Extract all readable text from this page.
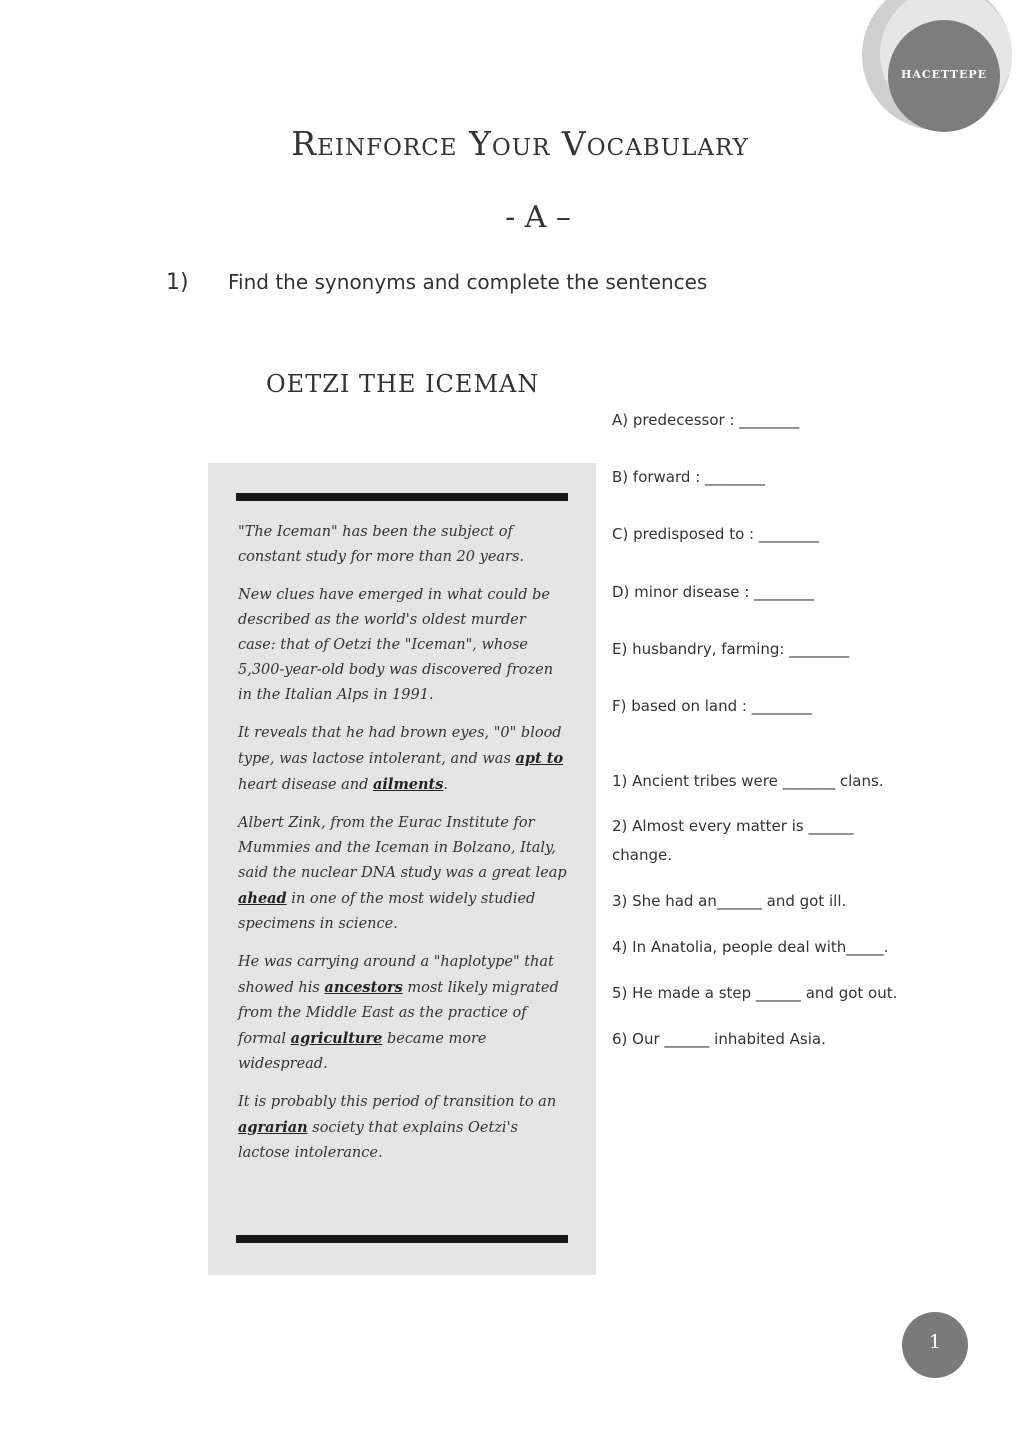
HACETTEPE
Reinforce Your Vocabulary
- A –
1) Find the synonyms and complete the sentences
OETZI THE ICEMAN

"The Iceman" has been the subject of constant study for more than 20 years.

New clues have emerged in what could be described as the world's oldest murder case: that of Oetzi the "Iceman", whose 5,300-year-old body was discovered frozen in the Italian Alps in 1991.

It reveals that he had brown eyes, "0" blood type, was lactose intolerant, and was apt to heart disease and ailments.

Albert Zink, from the Eurac Institute for Mummies and the Iceman in Bolzano, Italy, said the nuclear DNA study was a great leap ahead in one of the most widely studied specimens in science.

He was carrying around a "haplotype" that showed his ancestors most likely migrated from the Middle East as the practice of formal agriculture became more widespread.

It is probably this period of transition to an agrarian society that explains Oetzi's lactose intolerance.

A) predecessor : ________
B) forward : ________
C) predisposed to : ________
D) minor disease : ________
E) husbandry, farming: ________
F) based on land : ________
1) Ancient tribes were _______ clans.
2) Almost every matter is ______ change.
3) She had an______ and got ill.
4) In Anatolia, people deal with_____.
5) He made a step ______ and got out.
6) Our ______ inhabited Asia.
1
